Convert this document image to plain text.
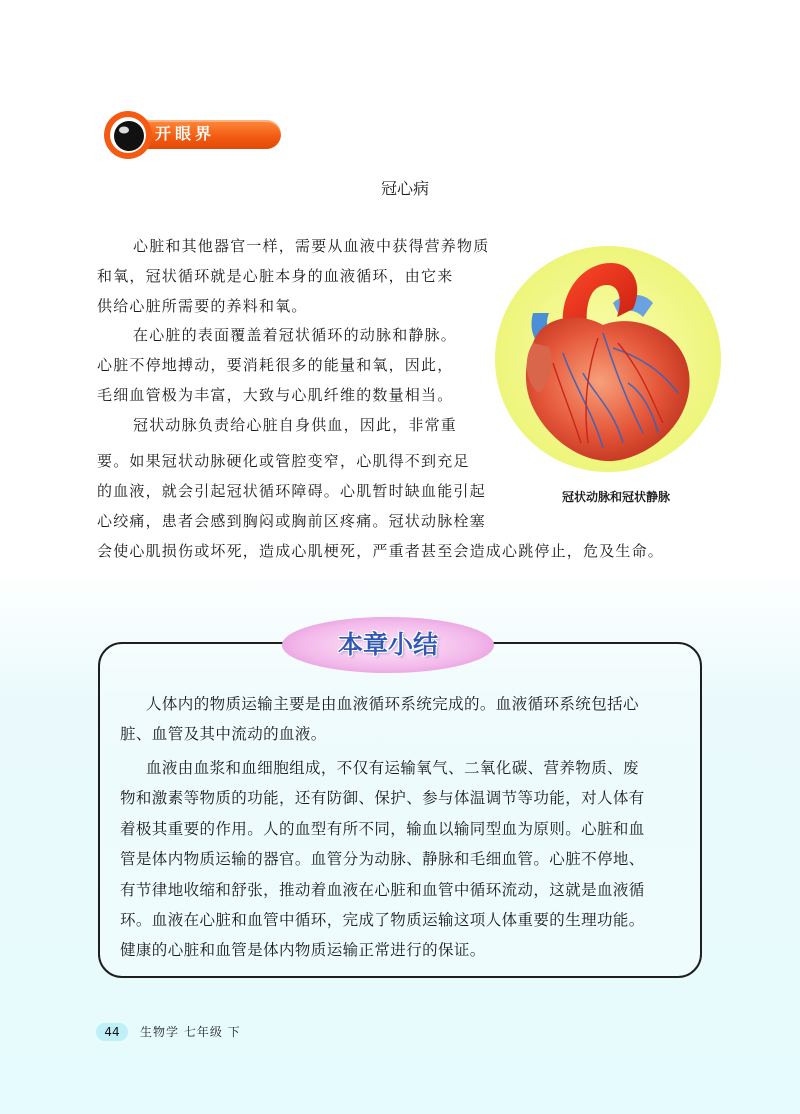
开眼界
冠心病
心脏和其他器官一样，需要从血液中获得营养物质
和氧，冠状循环就是心脏本身的血液循环，由它来
供给心脏所需要的养料和氧。
在心脏的表面覆盖着冠状循环的动脉和静脉。
心脏不停地搏动，要消耗很多的能量和氧，因此，
毛细血管极为丰富，大致与心肌纤维的数量相当。
冠状动脉负责给心脏自身供血，因此，非常重
要。如果冠状动脉硬化或管腔变窄，心肌得不到充足
的血液，就会引起冠状循环障碍。心肌暂时缺血能引起
心绞痛，患者会感到胸闷或胸前区疼痛。冠状动脉栓塞
会使心肌损伤或坏死，造成心肌梗死，严重者甚至会造成心跳停止，危及生命。
冠状动脉和冠状静脉
本章小结
人体内的物质运输主要是由血液循环系统完成的。血液循环系统包括心
脏、血管及其中流动的血液。
血液由血浆和血细胞组成，不仅有运输氧气、二氧化碳、营养物质、废
物和激素等物质的功能，还有防御、保护、参与体温调节等功能，对人体有
着极其重要的作用。人的血型有所不同，输血以输同型血为原则。心脏和血
管是体内物质运输的器官。血管分为动脉、静脉和毛细血管。心脏不停地、
有节律地收缩和舒张，推动着血液在心脏和血管中循环流动，这就是血液循
环。血液在心脏和血管中循环，完成了物质运输这项人体重要的生理功能。
健康的心脏和血管是体内物质运输正常进行的保证。
44	生物学 七年级 下
